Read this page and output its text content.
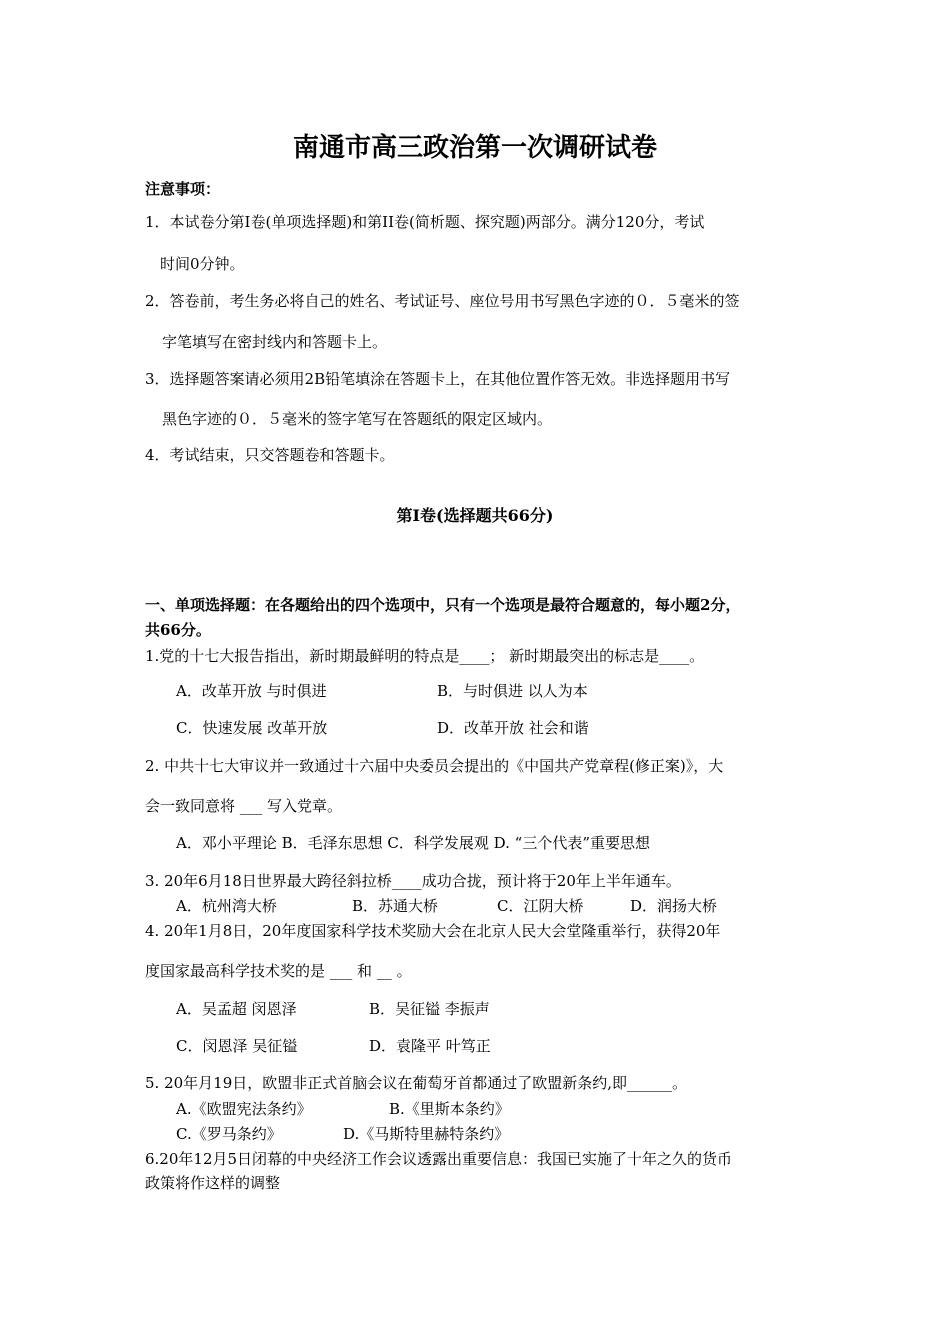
南通市高三政治第一次调研试卷
注意事项：
1．本试卷分第Ⅰ卷(单项选择题)和第II卷(简析题、探究题)两部分。满分120分，考试
时间0分钟。
2．答卷前，考生务必将自己的姓名、考试证号、座位号用书写黑色字迹的０．５毫米的签
字笔填写在密封线内和答题卡上。
3．选择题答案请必须用2B铅笔填涂在答题卡上，在其他位置作答无效。非选择题用书写
黑色字迹的０．５毫米的签字笔写在答题纸的限定区域内。
4．考试结束，只交答题卷和答题卡。
第Ⅰ卷(选择题共66分)
一、单项选择题：在各题给出的四个选项中，只有一个选项是最符合题意的，每小题2分，
共66分。
1.党的十七大报告指出，新时期最鲜明的特点是____； 新时期最突出的标志是____。
A．改革开放 与时俱进	B．与时俱进 以人为本
C．快速发展 改革开放	D．改革开放 社会和谐
2. 中共十七大审议并一致通过十六届中央委员会提出的《中国共产党章程(修正案)》，大
会一致同意将 ___ 写入党章。
A．邓小平理论 B．毛泽东思想 C．科学发展观 D. “三个代表”重要思想
3. 20年6月18日世界最大跨径斜拉桥____成功合拢，预计将于20年上半年通车。
A．杭州湾大桥	B．苏通大桥	C．江阴大桥	D．润扬大桥
4. 20年1月8日，20年度国家科学技术奖励大会在北京人民大会堂隆重举行，获得20年
度国家最高科学技术奖的是 ___ 和 __ 。
A．吴孟超 闵恩泽	B．吴征镒 李振声
C．闵恩泽 吴征镒	D．袁隆平 叶笃正
5. 20年月19日，欧盟非正式首脑会议在葡萄牙首都通过了欧盟新条约,即______。
A.《欧盟宪法条约》	B.《里斯本条约》
C.《罗马条约》	D.《马斯特里赫特条约》
6.20年12月5日闭幕的中央经济工作会议透露出重要信息：我国已实施了十年之久的货币
政策将作这样的调整
